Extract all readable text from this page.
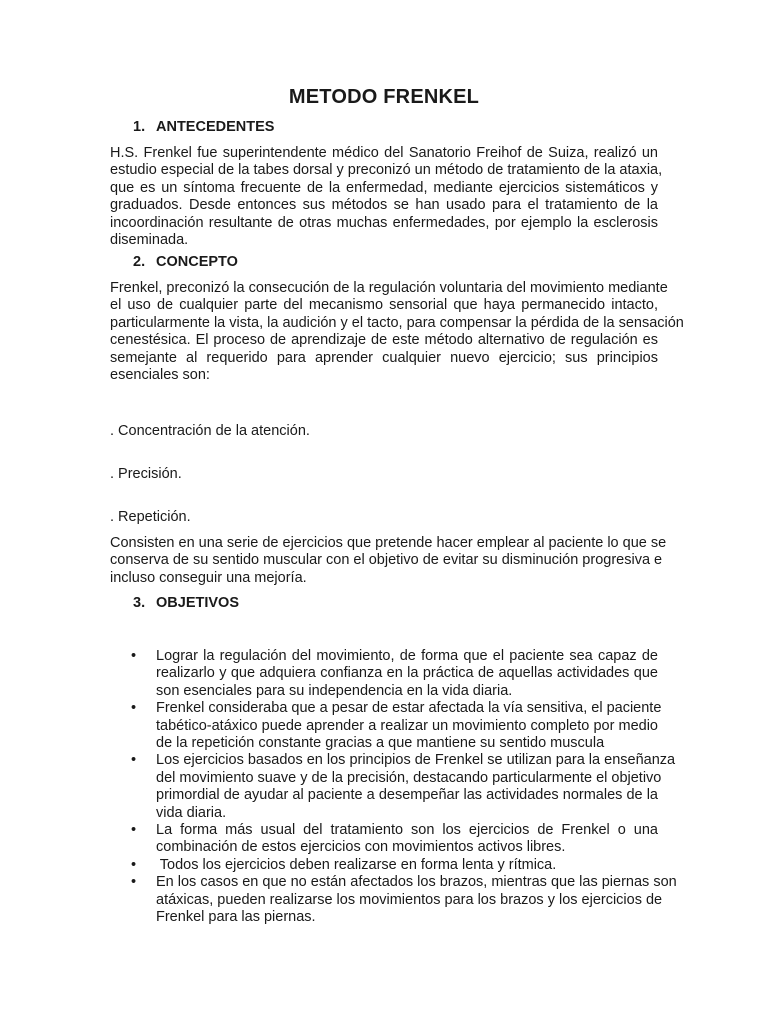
METODO FRENKEL
1. ANTECEDENTES
H.S. Frenkel fue superintendente médico del Sanatorio Freihof de Suiza, realizó un
estudio especial de la tabes dorsal y preconizó un método de tratamiento de la ataxia,
que es un síntoma frecuente de la enfermedad, mediante ejercicios sistemáticos y
graduados. Desde entonces sus métodos se han usado para el tratamiento de la
incoordinación resultante de otras muchas enfermedades, por ejemplo la esclerosis
diseminada.
2. CONCEPTO
Frenkel, preconizó la consecución de la regulación voluntaria del movimiento mediante
el uso de cualquier parte del mecanismo sensorial que haya permanecido intacto,
particularmente la vista, la audición y el tacto, para compensar la pérdida de la sensación
cenestésica. El proceso de aprendizaje de este método alternativo de regulación es
semejante al requerido para aprender cualquier nuevo ejercicio; sus principios
esenciales son:
. Concentración de la atención.
. Precisión.
. Repetición.
Consisten en una serie de ejercicios que pretende hacer emplear al paciente lo que se
conserva de su sentido muscular con el objetivo de evitar su disminución progresiva e
incluso conseguir una mejoría.
3. OBJETIVOS
• Lograr la regulación del movimiento, de forma que el paciente sea capaz de
realizarlo y que adquiera confianza en la práctica de aquellas actividades que
son esenciales para su independencia en la vida diaria.
• Frenkel consideraba que a pesar de estar afectada la vía sensitiva, el paciente
tabético-atáxico puede aprender a realizar un movimiento completo por medio
de la repetición constante gracias a que mantiene su sentido muscula
• Los ejercicios basados en los principios de Frenkel se utilizan para la enseñanza
del movimiento suave y de la precisión, destacando particularmente el objetivo
primordial de ayudar al paciente a desempeñar las actividades normales de la
vida diaria.
• La forma más usual del tratamiento son los ejercicios de Frenkel o una
combinación de estos ejercicios con movimientos activos libres.
• Todos los ejercicios deben realizarse en forma lenta y rítmica.
• En los casos en que no están afectados los brazos, mientras que las piernas son
atáxicas, pueden realizarse los movimientos para los brazos y los ejercicios de
Frenkel para las piernas.
